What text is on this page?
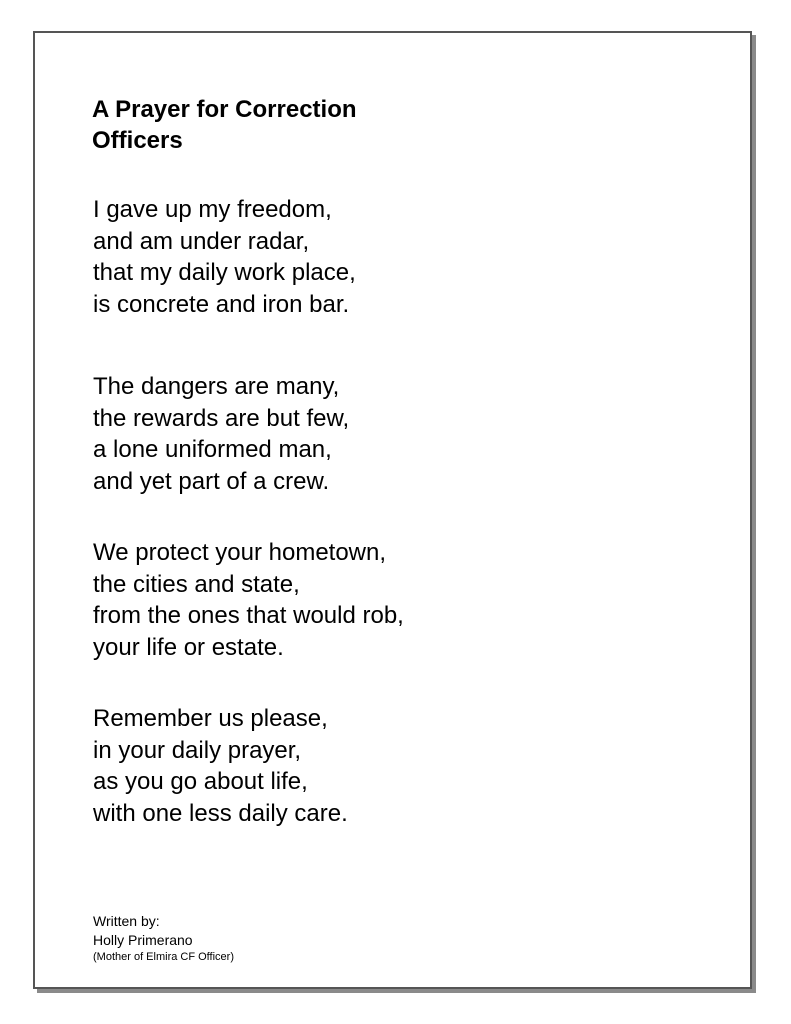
A Prayer for Correction
Officers
I gave up my freedom,
and am under radar,
that my daily work place,
is concrete and iron bar.
The dangers are many,
the rewards are but few,
a lone uniformed man,
and yet part of a crew.
We protect your hometown,
the cities and state,
from the ones that would rob,
your life or estate.
Remember us please,
in your daily prayer,
as you go about life,
with one less daily care.
Written by:
Holly Primerano
(Mother of Elmira CF Officer)
